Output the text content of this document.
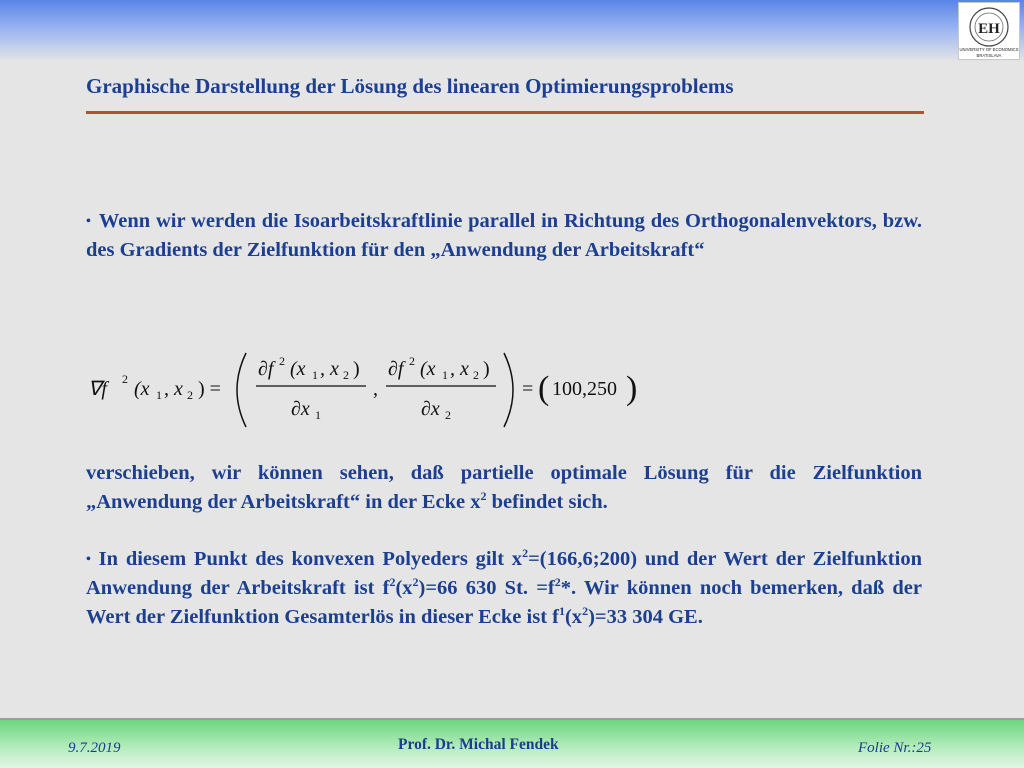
EH
UNIVERSITY OF ECONOMICS
BRATISLAVA
Graphische Darstellung der Lösung des linearen Optimierungsproblems

• Wenn wir werden die Isoarbeitskraftlinie parallel in Richtung des Orthogonalenvektors, bzw. des Gradients der Zielfunktion für den „Anwendung der Arbeitskraft“

∇f 2 (x 1 , x 2 ) =
∂f 2 (x 1 , x 2 )
∂x 1
,
∂f 2 (x 1 , x 2 )
∂x 2
= ( 100,250 )

verschieben, wir können sehen, daß partielle optimale Lösung für die Zielfunktion „Anwendung der Arbeitskraft“ in der Ecke $x^2$ befindet sich.

• In diesem Punkt des konvexen Polyeders gilt $x^2=(166,6;200)$ und der Wert der Zielfunktion Anwendung der Arbeitskraft ist $f^2(x^2)=66$ 630 St. $=f^2*$. Wir können noch bemerken, daß der Wert der Zielfunktion Gesamterlös in dieser Ecke ist $f^1(x^2)=33$ 304 GE.

9.7.2019	Prof. Dr. Michal Fendek	Folie Nr.:25
